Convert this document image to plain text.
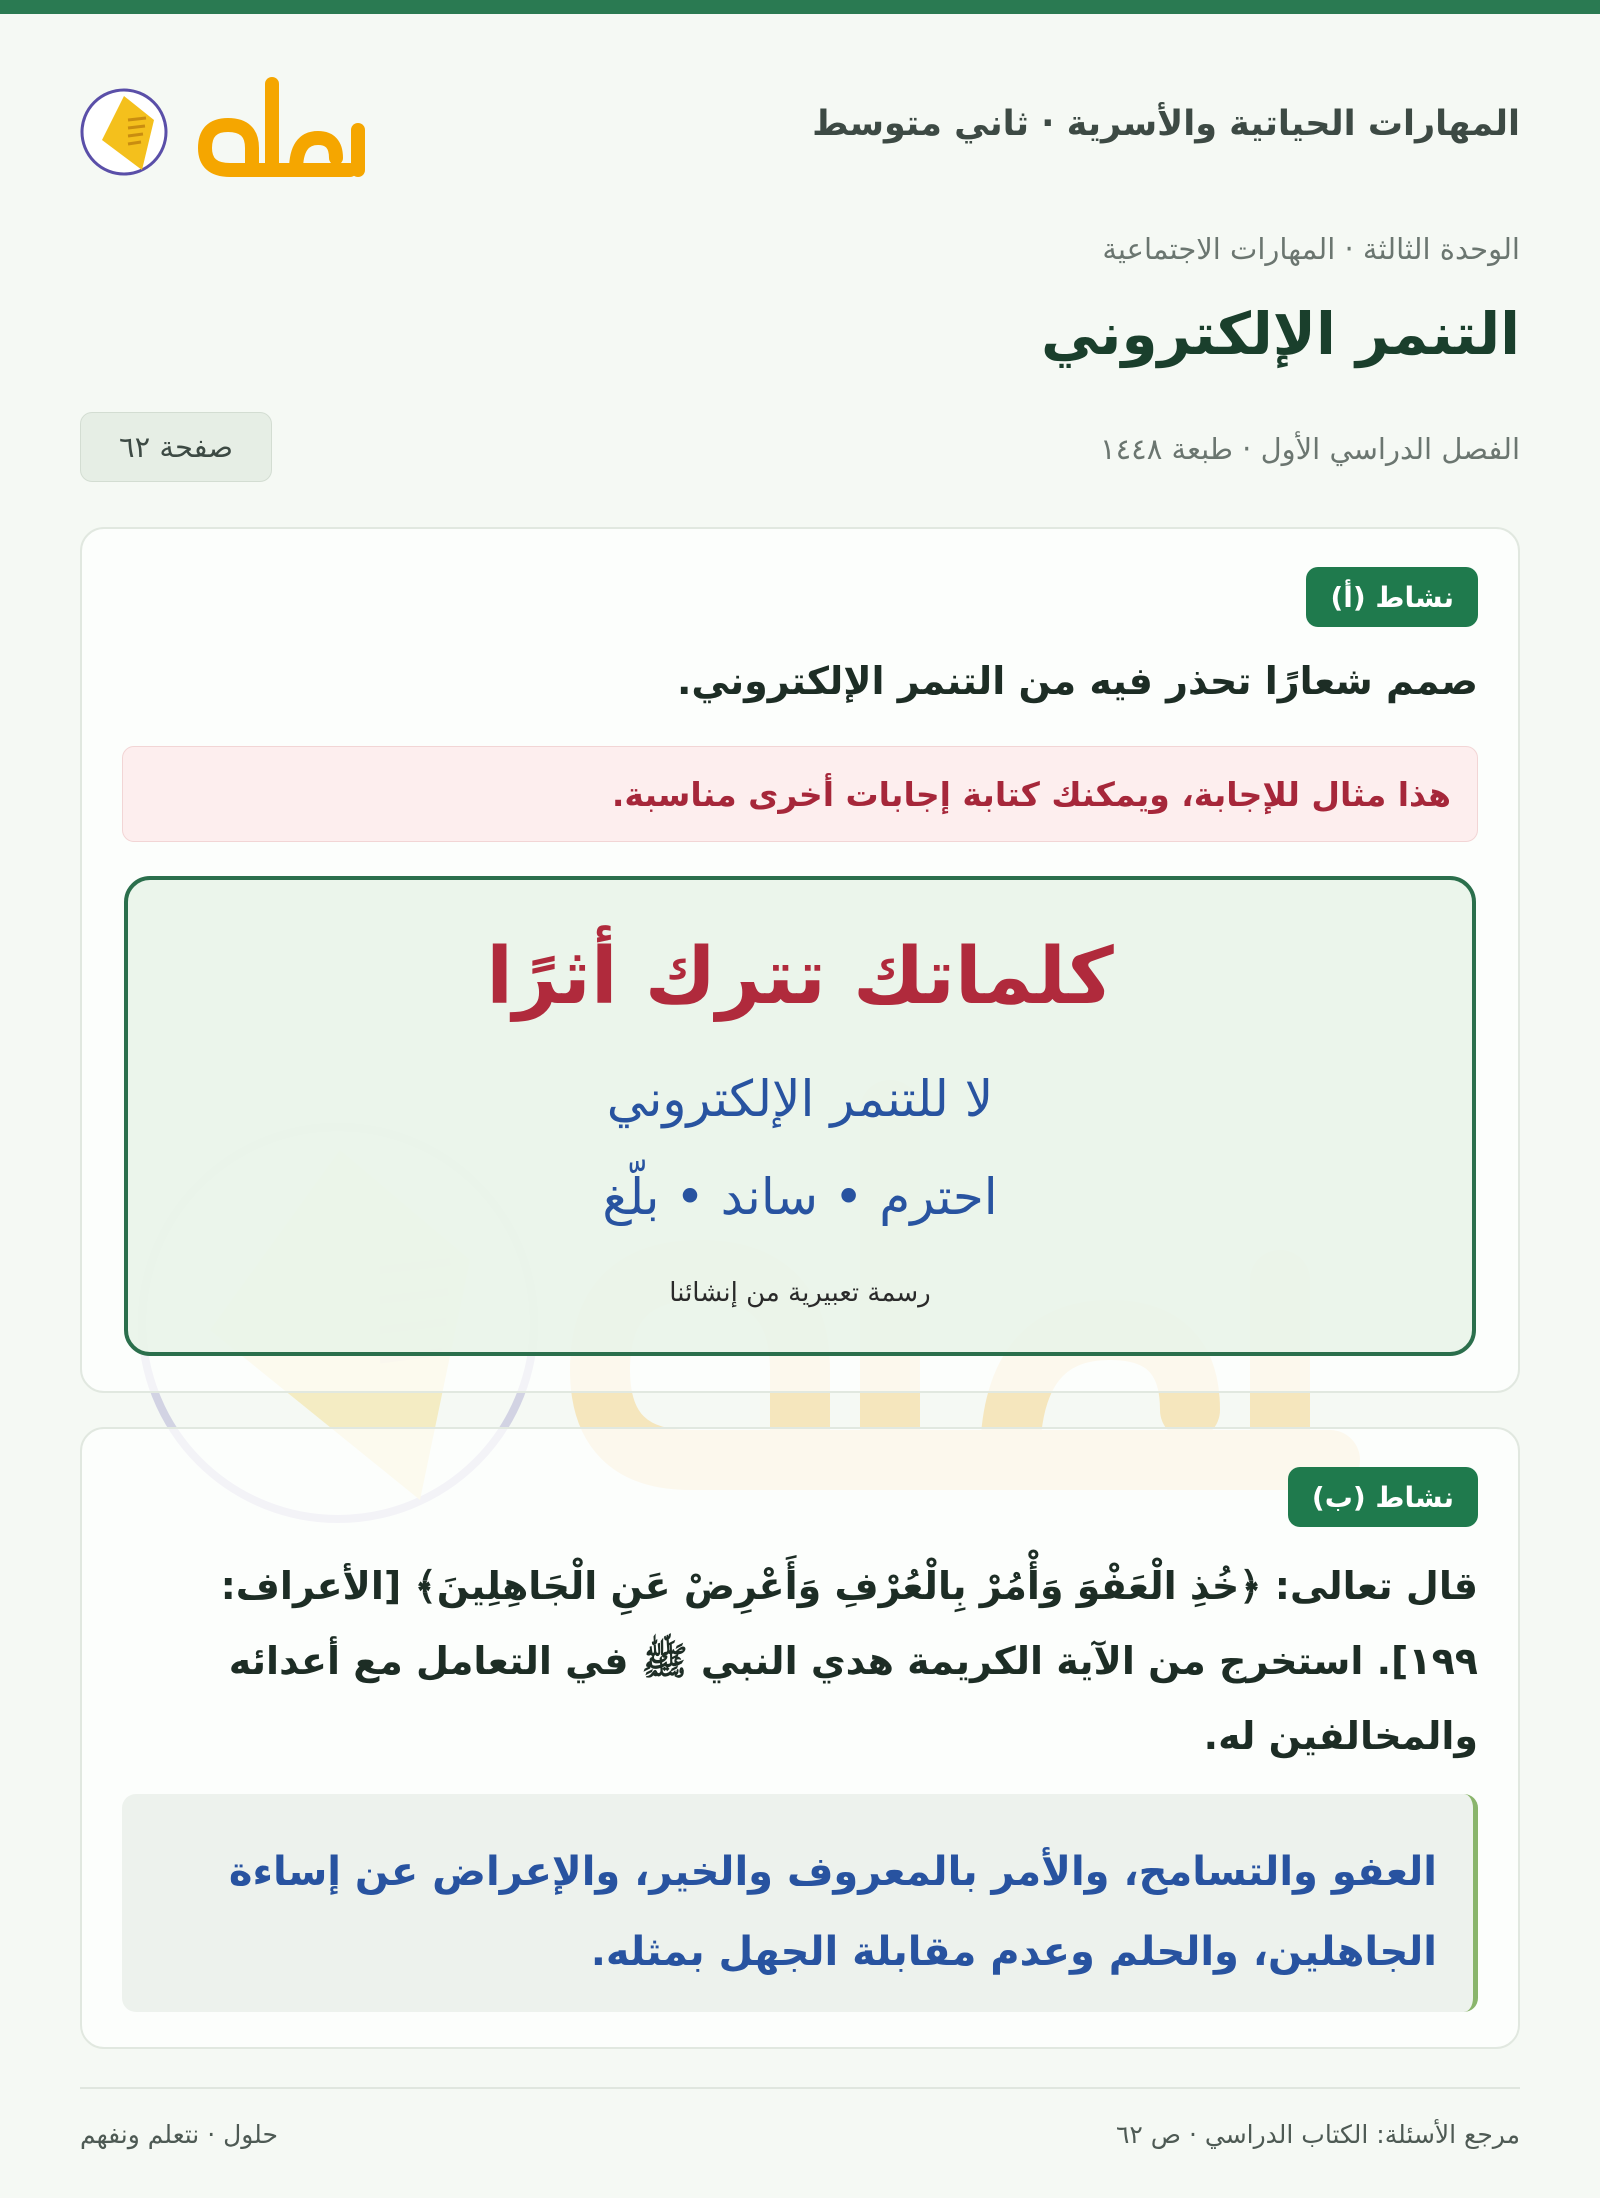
المهارات الحياتية والأسرية · ثاني متوسط
الوحدة الثالثة · المهارات الاجتماعية
التنمر الإلكتروني
الفصل الدراسي الأول · طبعة ١٤٤٨
صفحة ٦٢
نشاط (أ)
صمم شعارًا تحذر فيه من التنمر الإلكتروني.
هذا مثال للإجابة، ويمكنك كتابة إجابات أخرى مناسبة.
كلماتك تترك أثرًا
لا للتنمر الإلكتروني
احترم • ساند • بلّغ
رسمة تعبيرية من إنشائنا
نشاط (ب)
قال تعالى: ﴿خُذِ الْعَفْوَ وَأْمُرْ بِالْعُرْفِ وَأَعْرِضْ عَنِ الْجَاهِلِينَ﴾ [الأعراف: ١٩٩]. استخرج من الآية الكريمة هدي النبي ﷺ في التعامل مع أعدائه والمخالفين له.
العفو والتسامح، والأمر بالمعروف والخير، والإعراض عن إساءة الجاهلين، والحلم وعدم مقابلة الجهل بمثله.
مرجع الأسئلة: الكتاب الدراسي · ص ٦٢
حلول · نتعلم ونفهم
